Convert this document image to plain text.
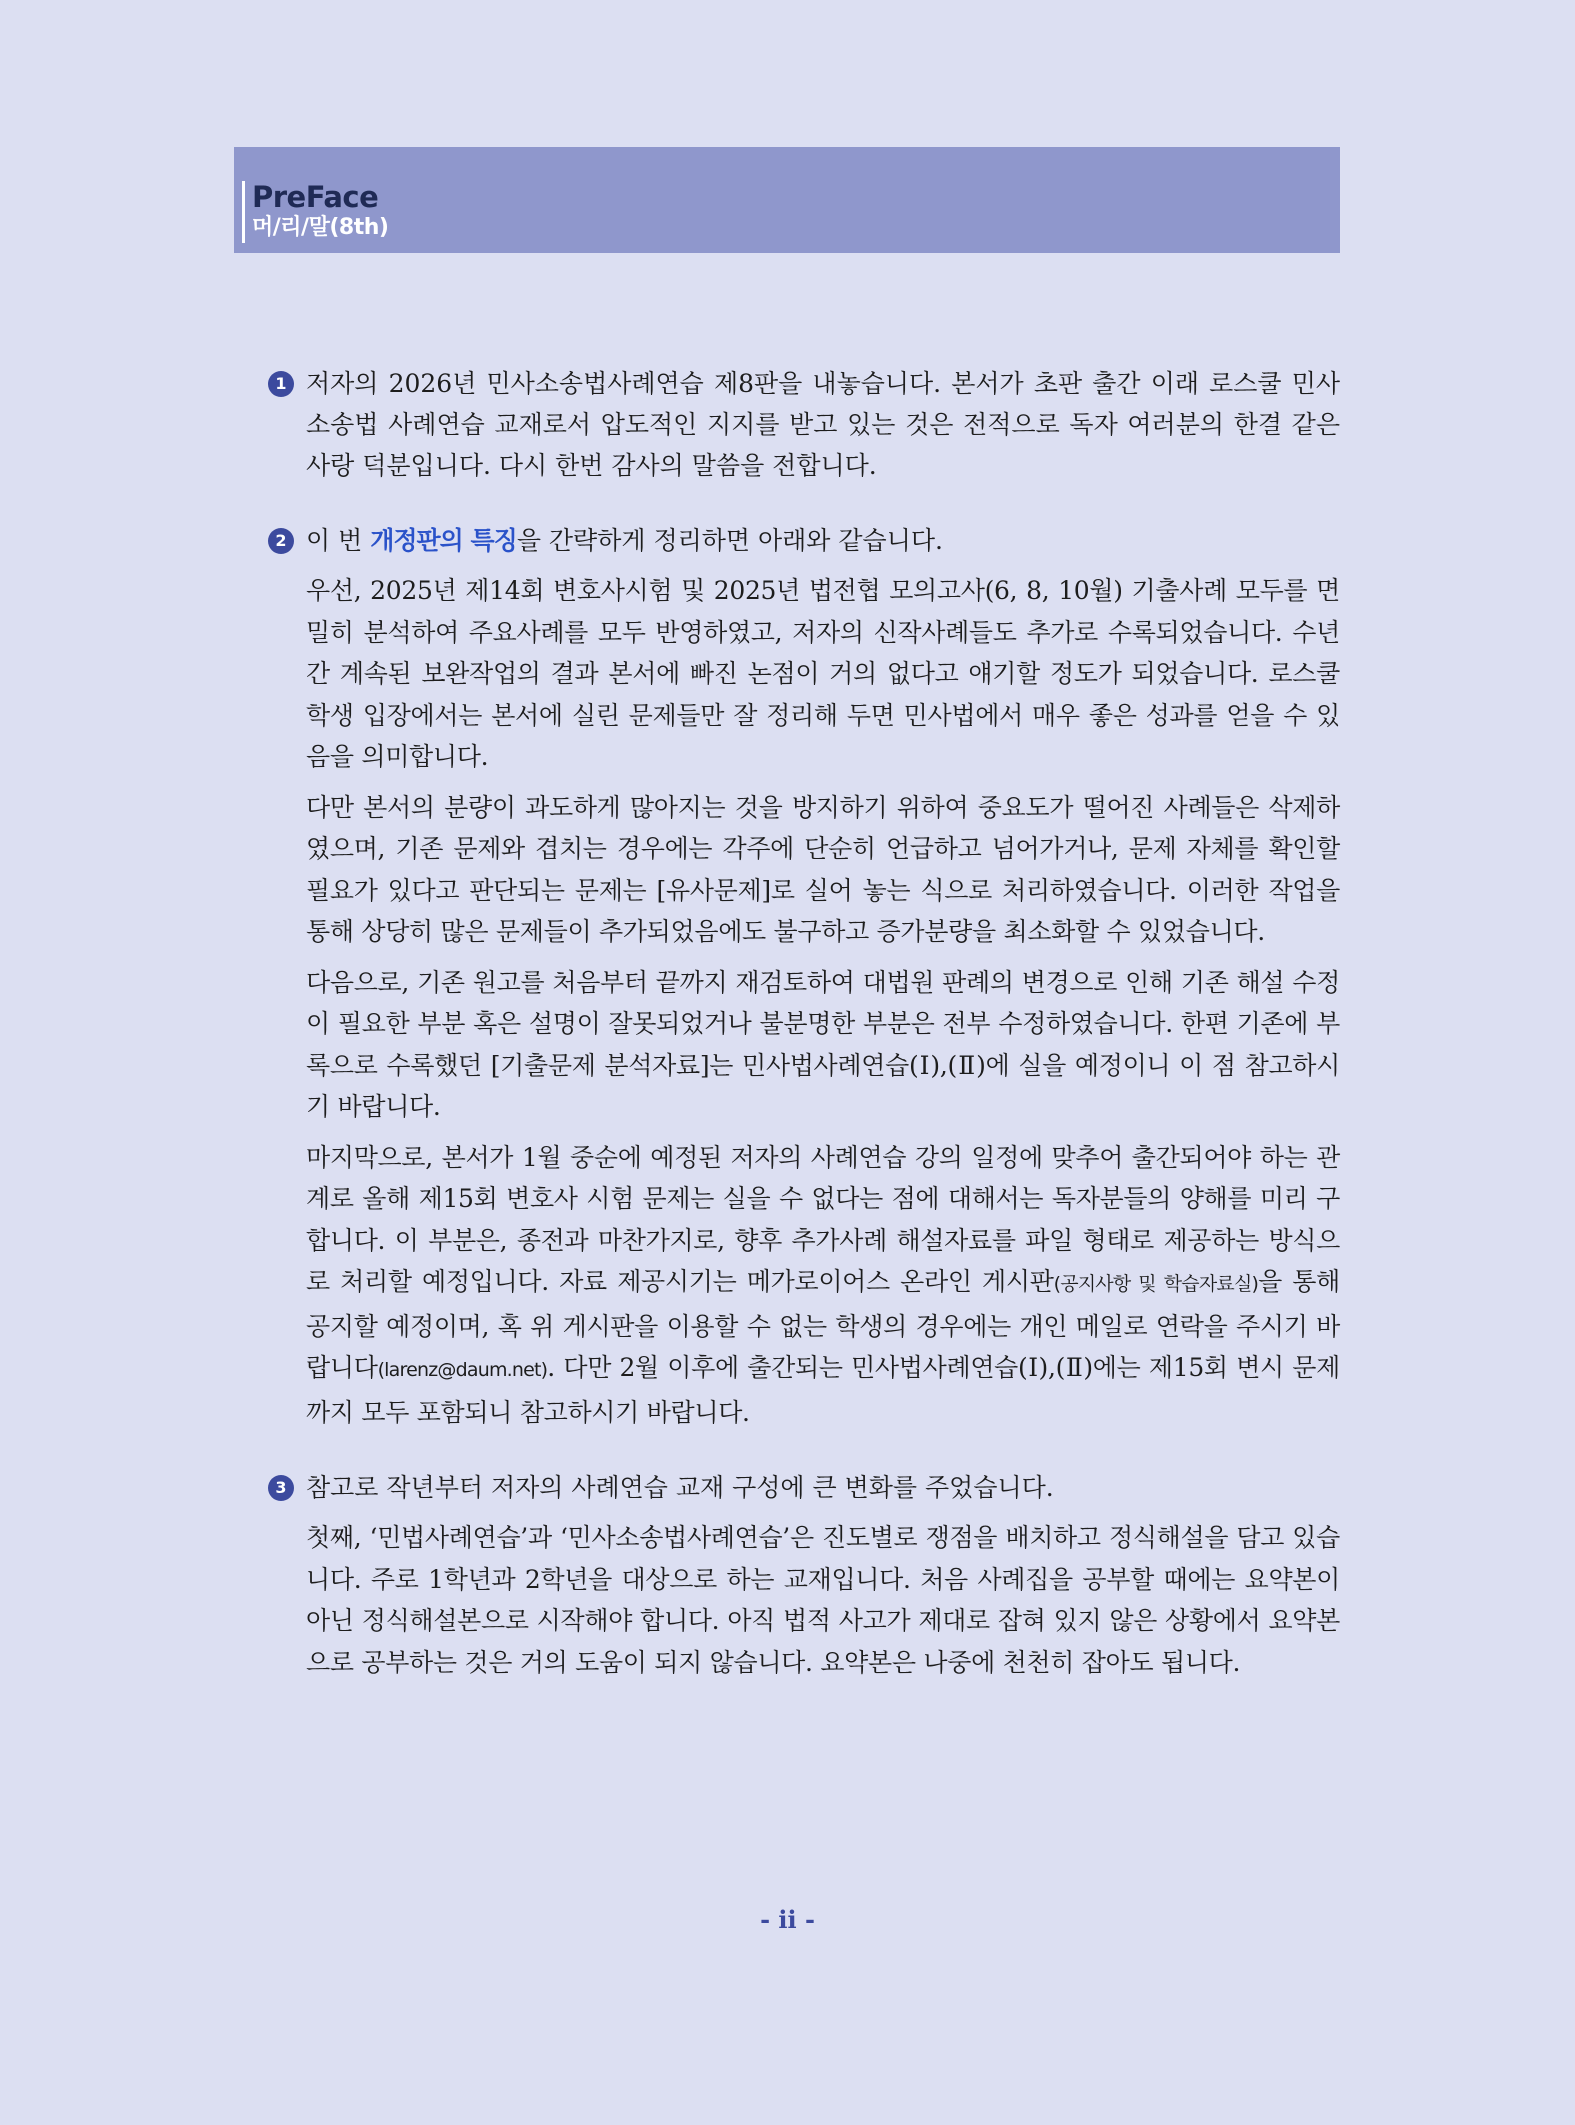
PreFace
머/리/말(8th)
1 저자의 2026년 민사소송법사례연습 제8판을 내놓습니다. 본서가 초판 출간 이래 로스쿨 민사소송법 사례연습 교재로서 압도적인 지지를 받고 있는 것은 전적으로 독자 여러분의 한결 같은 사랑 덕분입니다. 다시 한번 감사의 말씀을 전합니다.
2 이 번 개정판의 특징을 간략하게 정리하면 아래와 같습니다.
우선, 2025년 제14회 변호사시험 및 2025년 법전협 모의고사(6, 8, 10월) 기출사례 모두를 면밀히 분석하여 주요사례를 모두 반영하였고, 저자의 신작사례들도 추가로 수록되었습니다. 수년 간 계속된 보완작업의 결과 본서에 빠진 논점이 거의 없다고 얘기할 정도가 되었습니다. 로스쿨 학생 입장에서는 본서에 실린 문제들만 잘 정리해 두면 민사법에서 매우 좋은 성과를 얻을 수 있음을 의미합니다.
다만 본서의 분량이 과도하게 많아지는 것을 방지하기 위하여 중요도가 떨어진 사례들은 삭제하였으며, 기존 문제와 겹치는 경우에는 각주에 단순히 언급하고 넘어가거나, 문제 자체를 확인할 필요가 있다고 판단되는 문제는 [유사문제]로 실어 놓는 식으로 처리하였습니다. 이러한 작업을 통해 상당히 많은 문제들이 추가되었음에도 불구하고 증가분량을 최소화할 수 있었습니다.
다음으로, 기존 원고를 처음부터 끝까지 재검토하여 대법원 판례의 변경으로 인해 기존 해설 수정이 필요한 부분 혹은 설명이 잘못되었거나 불분명한 부분은 전부 수정하였습니다. 한편 기존에 부록으로 수록했던 [기출문제 분석자료]는 민사법사례연습(Ⅰ),(Ⅱ)에 실을 예정이니 이 점 참고하시기 바랍니다.
마지막으로, 본서가 1월 중순에 예정된 저자의 사례연습 강의 일정에 맞추어 출간되어야 하는 관계로 올해 제15회 변호사 시험 문제는 실을 수 없다는 점에 대해서는 독자분들의 양해를 미리 구합니다. 이 부분은, 종전과 마찬가지로, 향후 추가사례 해설자료를 파일 형태로 제공하는 방식으로 처리할 예정입니다. 자료 제공시기는 메가로이어스 온라인 게시판(공지사항 및 학습자료실)을 통해 공지할 예정이며, 혹 위 게시판을 이용할 수 없는 학생의 경우에는 개인 메일로 연락을 주시기 바랍니다(larenz@daum.net). 다만 2월 이후에 출간되는 민사법사례연습(Ⅰ),(Ⅱ)에는 제15회 변시 문제까지 모두 포함되니 참고하시기 바랍니다.
3 참고로 작년부터 저자의 사례연습 교재 구성에 큰 변화를 주었습니다.
첫째, ‘민법사례연습’과 ‘민사소송법사례연습’은 진도별로 쟁점을 배치하고 정식해설을 담고 있습니다. 주로 1학년과 2학년을 대상으로 하는 교재입니다. 처음 사례집을 공부할 때에는 요약본이 아닌 정식해설본으로 시작해야 합니다. 아직 법적 사고가 제대로 잡혀 있지 않은 상황에서 요약본으로 공부하는 것은 거의 도움이 되지 않습니다. 요약본은 나중에 천천히 잡아도 됩니다.
- ii -
